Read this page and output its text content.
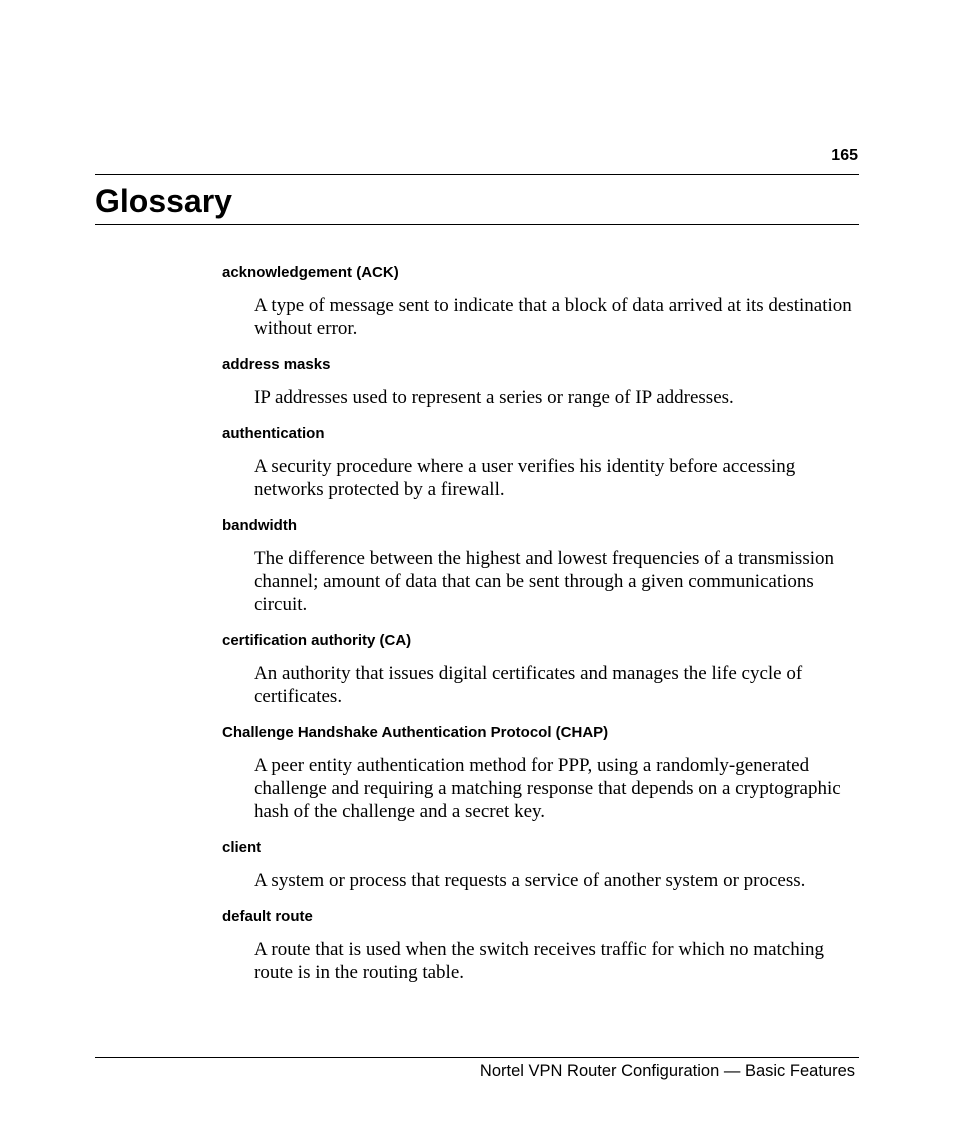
165
Glossary
acknowledgement (ACK)
A type of message sent to indicate that a block of data arrived at its destination without error.
address masks
IP addresses used to represent a series or range of IP addresses.
authentication
A security procedure where a user verifies his identity before accessing networks protected by a firewall.
bandwidth
The difference between the highest and lowest frequencies of a transmission channel; amount of data that can be sent through a given communications circuit.
certification authority (CA)
An authority that issues digital certificates and manages the life cycle of certificates.
Challenge Handshake Authentication Protocol (CHAP)
A peer entity authentication method for PPP, using a randomly-generated challenge and requiring a matching response that depends on a cryptographic hash of the challenge and a secret key.
client
A system or process that requests a service of another system or process.
default route
A route that is used when the switch receives traffic for which no matching route is in the routing table.
Nortel VPN Router Configuration — Basic Features
